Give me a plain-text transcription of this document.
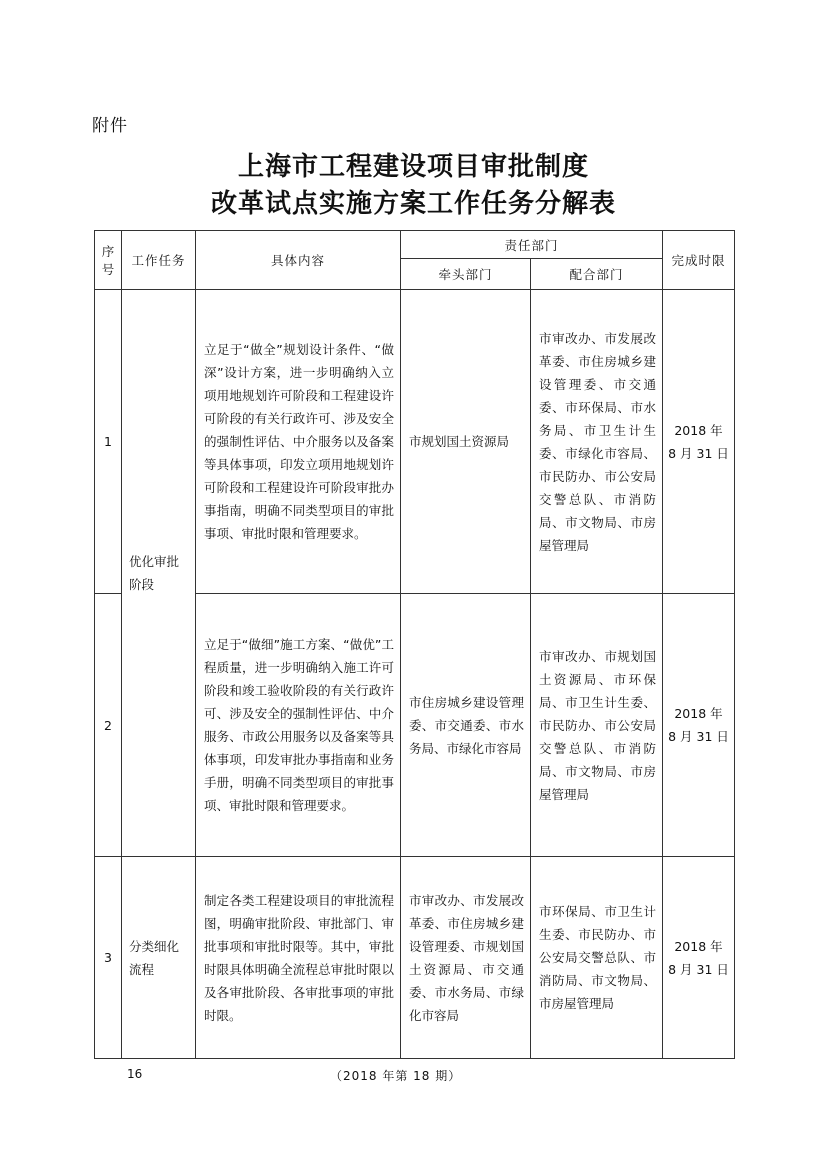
附件
上海市工程建设项目审批制度
改革试点实施方案工作任务分解表
序号	工作任务	具体内容	责任部门		完成时限
			牵头部门	配合部门	
1	优化审批阶段	立足于“做全”规划设计条件、“做深”设计方案，进一步明确纳入立项用地规划许可阶段和工程建设许可阶段的有关行政许可、涉及安全的强制性评估、中介服务以及备案等具体事项，印发立项用地规划许可阶段和工程建设许可阶段审批办事指南，明确不同类型项目的审批事项、审批时限和管理要求。	市规划国土资源局	市审改办、市发展改革委、市住房城乡建设管理委、市交通委、市环保局、市水务局、市卫生计生委、市绿化市容局、市民防办、市公安局交警总队、市消防局、市文物局、市房屋管理局	2018 年
8 月 31 日

2		立足于“做细”施工方案、“做优”工程质量，进一步明确纳入施工许可阶段和竣工验收阶段的有关行政许可、涉及安全的强制性评估、中介服务、市政公用服务以及备案等具体事项，印发审批办事指南和业务手册，明确不同类型项目的审批事项、审批时限和管理要求。	市住房城乡建设管理委、市交通委、市水务局、市绿化市容局	市审改办、市规划国土资源局、市环保局、市卫生计生委、市民防办、市公安局交警总队、市消防局、市文物局、市房屋管理局	2018 年
8 月 31 日

3	分类细化流程	制定各类工程建设项目的审批流程图，明确审批阶段、审批部门、审批事项和审批时限等。其中，审批时限具体明确全流程总审批时限以及各审批阶段、各审批事项的审批时限。	市审改办、市发展改革委、市住房城乡建设管理委、市规划国土资源局、市交通委、市水务局、市绿化市容局	市环保局、市卫生计生委、市民防办、市公安局交警总队、市消防局、市文物局、市房屋管理局	2018 年
8 月 31 日
16	（2018 年第 18 期）
